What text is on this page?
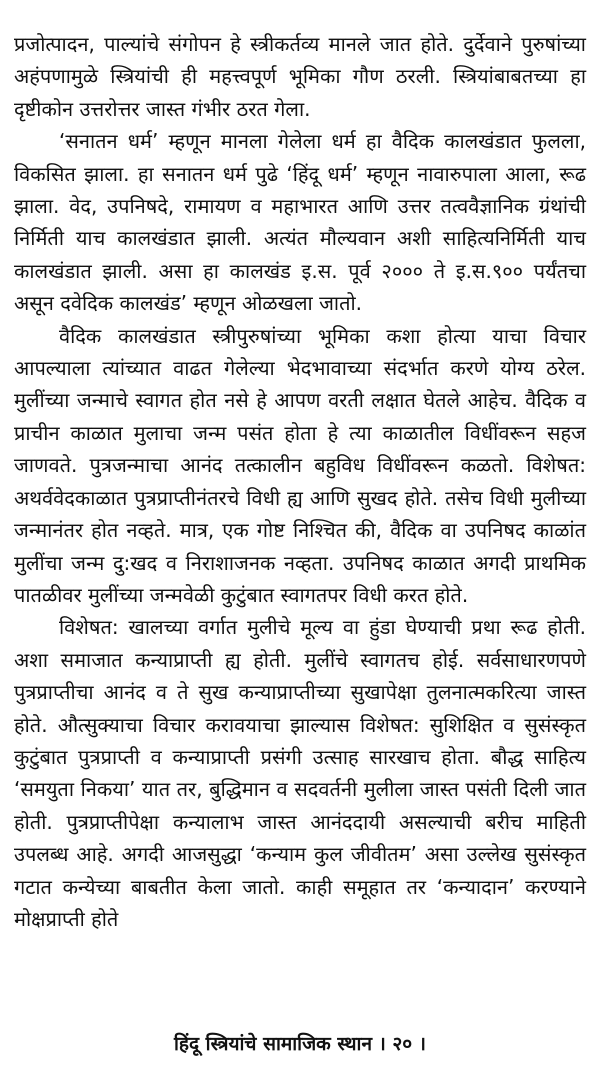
प्रजोत्पादन, पाल्यांचे संगोपन हे स्त्रीकर्तव्य मानले जात होते. दुर्देवाने पुरुषांच्या अहंपणामुळे स्त्रियांची ही महत्त्वपूर्ण भूमिका गौण ठरली. स्त्रियांबाबतच्या हा दृष्टीकोन उत्तरोत्तर जास्त गंभीर ठरत गेला.

‘सनातन धर्म’ म्हणून मानला गेलेला धर्म हा वैदिक कालखंडात फुलला, विकसित झाला. हा सनातन धर्म पुढे ‘हिंदू धर्म’ म्हणून नावारुपाला आला, रूढ झाला. वेद, उपनिषदे, रामायण व महाभारत आणि उत्तर तत्ववैज्ञानिक ग्रंथांची निर्मिती याच कालखंडात झाली. अत्यंत मौल्यवान अशी साहित्यनिर्मिती याच कालखंडात झाली. असा हा कालखंड इ.स. पूर्व २००० ते इ.स.९०० पर्यंतचा असून दवेदिक कालखंड’ म्हणून ओळखला जातो.

वैदिक कालखंडात स्त्रीपुरुषांच्या भूमिका कशा होत्या याचा विचार आपल्याला त्यांच्यात वाढत गेलेल्या भेदभावाच्या संदर्भात करणे योग्य ठरेल. मुलींच्या जन्माचे स्वागत होत नसे हे आपण वरती लक्षात घेतले आहेच. वैदिक व प्राचीन काळात मुलाचा जन्म पसंत होता हे त्या काळातील विधींवरून सहज जाणवते. पुत्रजन्माचा आनंद तत्कालीन बहुविध विधींवरून कळतो. विशेषत: अथर्ववेदकाळात पुत्रप्राप्तीनंतरचे विधी ह्य आणि सुखद होते. तसेच विधी मुलीच्या जन्मानंतर होत नव्हते. मात्र, एक गोष्ट निश्चित की, वैदिक वा उपनिषद काळांत मुलींचा जन्म दु:खद व निराशाजनक नव्हता. उपनिषद काळात अगदी प्राथमिक पातळीवर मुलींच्या जन्मवेळी कुटुंबात स्वागतपर विधी करत होते.

विशेषत: खालच्या वर्गात मुलीचे मूल्य वा हुंडा घेण्याची प्रथा रूढ होती. अशा समाजात कन्याप्राप्ती ह्य होती. मुलींचे स्वागतच होई. सर्वसाधारणपणे पुत्रप्राप्तीचा आनंद व ते सुख कन्याप्राप्तीच्या सुखापेक्षा तुलनात्मकरित्या जास्त होते. औत्सुक्याचा विचार करावयाचा झाल्यास विशेषत: सुशिक्षित व सुसंस्कृत कुटुंबात पुत्रप्राप्ती व कन्याप्राप्ती प्रसंगी उत्साह सारखाच होता. बौद्ध साहित्य ‘समयुता निकया’ यात तर, बुद्धिमान व सदवर्तनी मुलीला जास्त पसंती दिली जात होती. पुत्रप्राप्तीपेक्षा कन्यालाभ जास्त आनंददायी असल्याची बरीच माहिती उपलब्ध आहे. अगदी आजसुद्धा ‘कन्याम कुल जीवीतम’ असा उल्लेख सुसंस्कृत गटात कन्येच्या बाबतीत केला जातो. काही समूहात तर ‘कन्यादान’ करण्याने मोक्षप्राप्ती होते

हिंदू स्त्रियांचे सामाजिक स्थान । २० ।
